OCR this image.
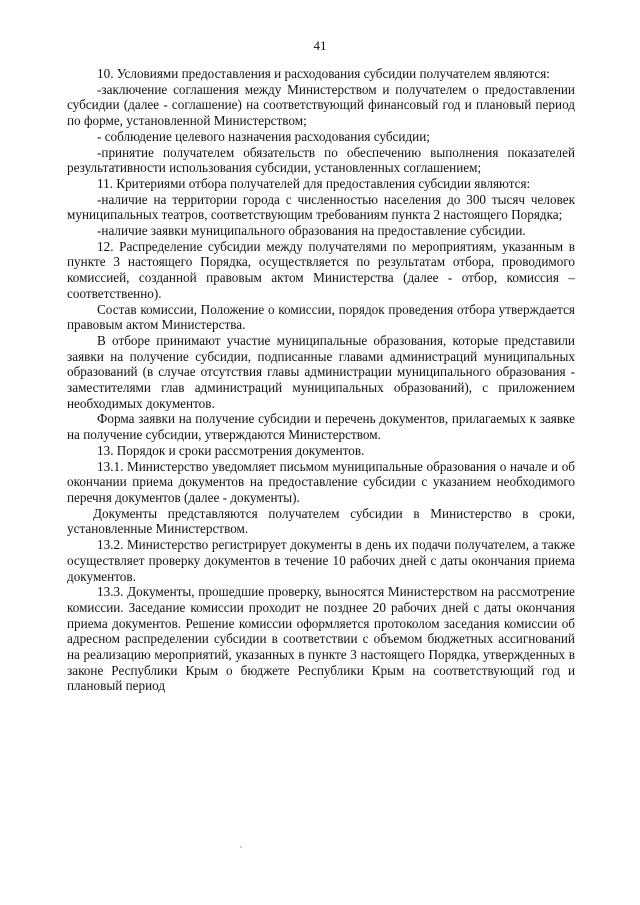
41

10. Условиями предоставления и расходования субсидии получателем являются:

-заключение соглашения между Министерством и получателем о предоставлении субсидии (далее - соглашение) на соответствующий финансовый год и плановый период по форме, установленной Министерством;

- соблюдение целевого назначения расходования субсидии;

-принятие получателем обязательств по обеспечению выполнения показателей результативности использования субсидии, установленных соглашением;

11. Критериями отбора получателей для предоставления субсидии являются:

-наличие на территории города с численностью населения до 300 тысяч человек муниципальных театров, соответствующим требованиям пункта 2 настоящего Порядка;

-наличие заявки муниципального образования на предоставление субсидии.

12. Распределение субсидии между получателями по мероприятиям, указанным в пункте 3 настоящего Порядка, осуществляется по результатам отбора, проводимого комиссией, созданной правовым актом Министерства (далее - отбор, комиссия – соответственно).

Состав комиссии, Положение о комиссии, порядок проведения отбора утверждается правовым актом Министерства.

В отборе принимают участие муниципальные образования, которые представили заявки на получение субсидии, подписанные главами администраций муниципальных образований (в случае отсутствия главы администрации муниципального образования - заместителями глав администраций муниципальных образований), с приложением необходимых документов.

Форма заявки на получение субсидии и перечень документов, прилагаемых к заявке на получение субсидии, утверждаются Министерством.

13. Порядок и сроки рассмотрения документов.

13.1. Министерство уведомляет письмом муниципальные образования о начале и об окончании приема документов на предоставление субсидии с указанием необходимого перечня документов (далее - документы).

Документы представляются получателем субсидии в Министерство в сроки, установленные Министерством.

13.2. Министерство регистрирует документы в день их подачи получателем, а также осуществляет проверку документов в течение 10 рабочих дней с даты окончания приема документов.

13.3. Документы, прошедшие проверку, выносятся Министерством на рассмотрение комиссии. Заседание комиссии проходит не позднее 20 рабочих дней с даты окончания приема документов. Решение комиссии оформляется протоколом заседания комиссии об адресном распределении субсидии в соответствии с объемом бюджетных ассигнований на реализацию мероприятий, указанных в пункте 3 настоящего Порядка, утвержденных в законе Республики Крым о бюджете Республики Крым на соответствующий год и плановый период
